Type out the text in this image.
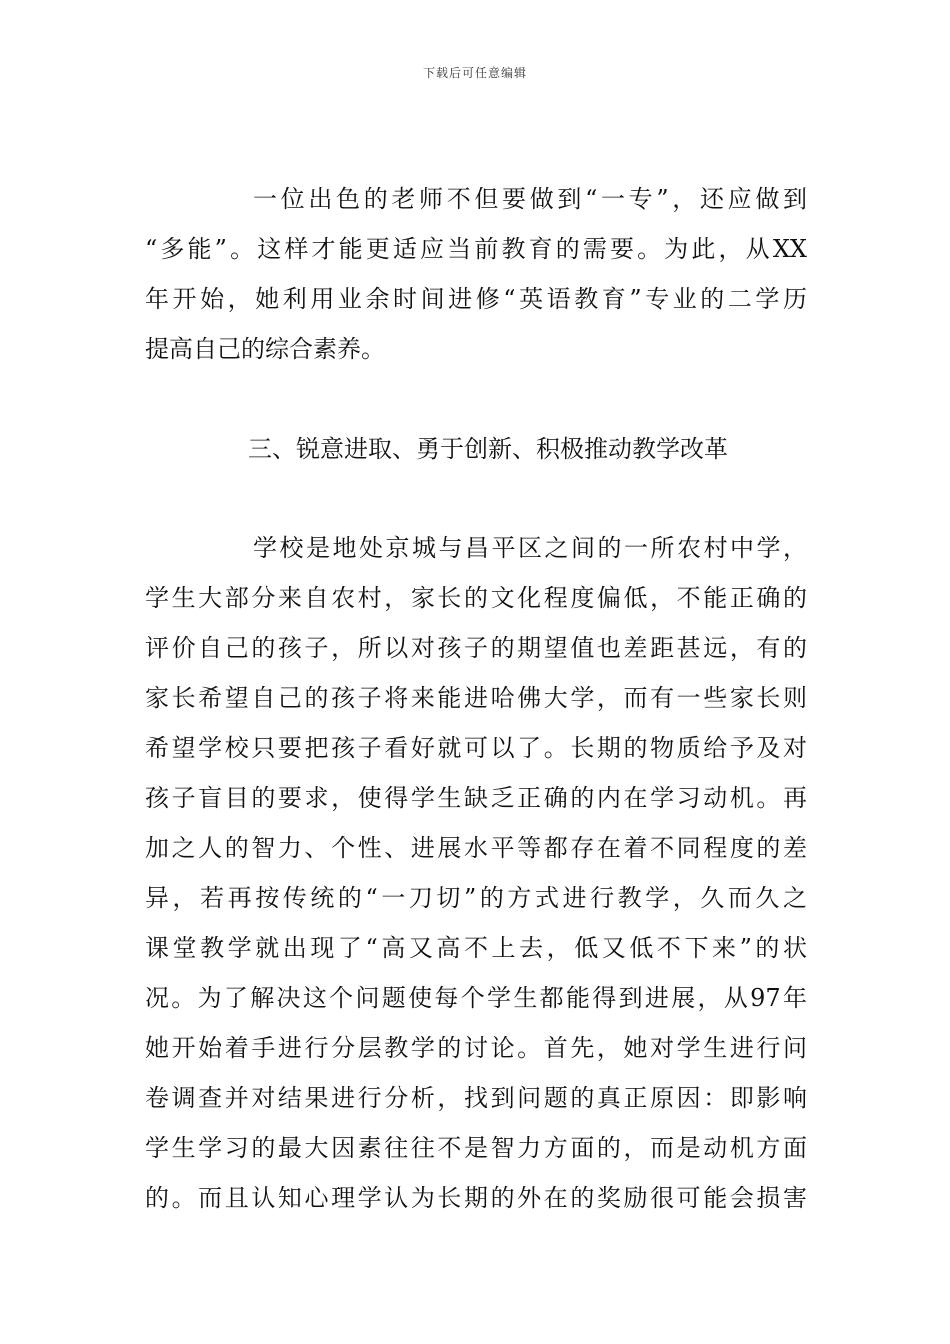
下载后可任意编辑
一位出色的老师不但要做到“一专”，还应做到
“多能”。这样才能更适应当前教育的需要。为此，从XX
年开始，她利用业余时间进修“英语教育”专业的二学历
提高自己的综合素养。
三、锐意进取、勇于创新、积极推动教学改革
学校是地处京城与昌平区之间的一所农村中学，
学生大部分来自农村，家长的文化程度偏低，不能正确的
评价自己的孩子，所以对孩子的期望值也差距甚远，有的
家长希望自己的孩子将来能进哈佛大学，而有一些家长则
希望学校只要把孩子看好就可以了。长期的物质给予及对
孩子盲目的要求，使得学生缺乏正确的内在学习动机。再
加之人的智力、个性、进展水平等都存在着不同程度的差
异，若再按传统的“一刀切”的方式进行教学，久而久之
课堂教学就出现了“高又高不上去，低又低不下来”的状
况。为了解决这个问题使每个学生都能得到进展，从97年
她开始着手进行分层教学的讨论。首先，她对学生进行问
卷调查并对结果进行分析，找到问题的真正原因：即影响
学生学习的最大因素往往不是智力方面的，而是动机方面
的。而且认知心理学认为长期的外在的奖励很可能会损害
